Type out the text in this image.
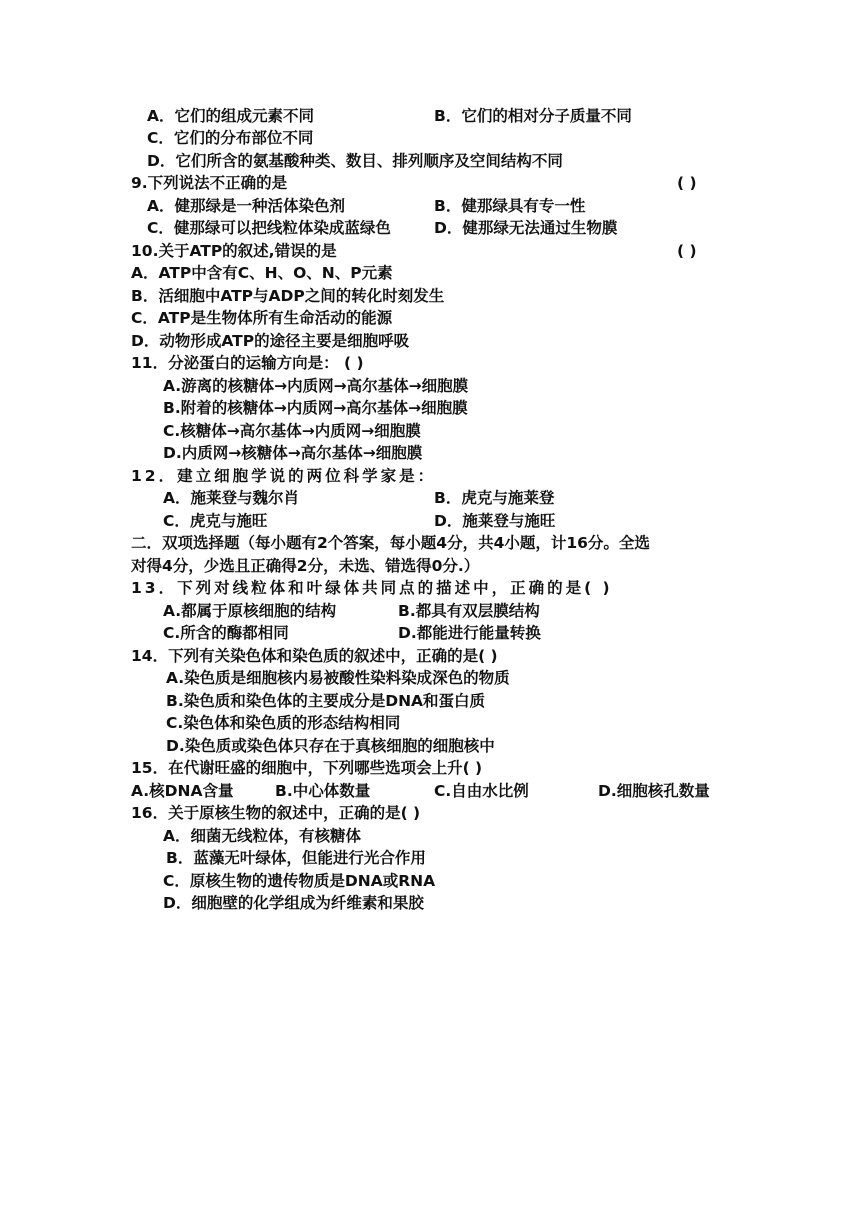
A．它们的组成元素不同	B．它们的相对分子质量不同
C．它们的分布部位不同
D．它们所含的氨基酸种类、数目、排列顺序及空间结构不同
9.下列说法不正确的是	( )
A．健那绿是一种活体染色剂	B．健那绿具有专一性
C．健那绿可以把线粒体染成蓝绿色	D．健那绿无法通过生物膜
10.关于ATP的叙述,错误的是	( )
A．ATP中含有C、H、O、N、P元素
B．活细胞中ATP与ADP之间的转化时刻发生
C．ATP是生物体所有生命活动的能源
D．动物形成ATP的途径主要是细胞呼吸
11．分泌蛋白的运输方向是： ( )
A.游离的核糖体→内质网→高尔基体→细胞膜
B.附着的核糖体→内质网→高尔基体→细胞膜
C.核糖体→高尔基体→内质网→细胞膜
D.内质网→核糖体→高尔基体→细胞膜
12．建立细胞学说的两位科学家是：
A．施莱登与魏尔肖	B．虎克与施莱登
C．虎克与施旺	D．施莱登与施旺
二．双项选择题（每小题有2个答案，每小题4分，共4小题，计16分。全选
对得4分，少选且正确得2分，未选、错选得0分.）
13．下列对线粒体和叶绿体共同点的描述中，正确的是( )
A.都属于原核细胞的结构	B.都具有双层膜结构
C.所含的酶都相同	D.都能进行能量转换
14．下列有关染色体和染色质的叙述中，正确的是( )
A.染色质是细胞核内易被酸性染料染成深色的物质
B.染色质和染色体的主要成分是DNA和蛋白质
C.染色体和染色质的形态结构相同
D.染色质或染色体只存在于真核细胞的细胞核中
15．在代谢旺盛的细胞中，下列哪些选项会上升( )
A.核DNA含量	B.中心体数量	C.自由水比例	D.细胞核孔数量
16．关于原核生物的叙述中，正确的是( )
A．细菌无线粒体，有核糖体
B．蓝藻无叶绿体，但能进行光合作用
C．原核生物的遗传物质是DNA或RNA
D．细胞壁的化学组成为纤维素和果胶
